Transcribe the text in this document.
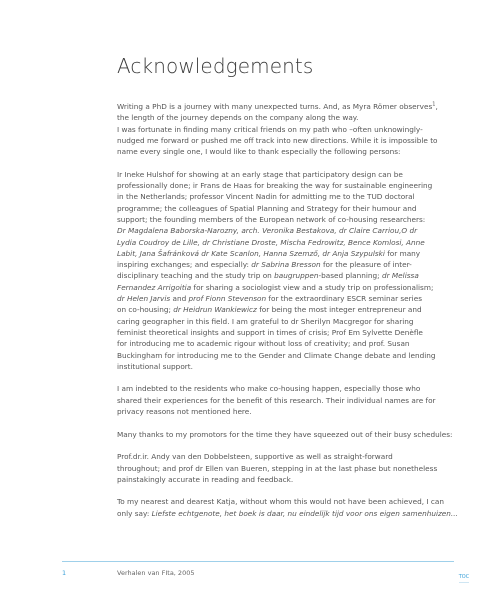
Acknowledgements
Writing a PhD is a journey with many unexpected turns. And, as Myra Römer observes$^1$,
the length of the journey depends on the company along the way.
I was fortunate in finding many critical friends on my path who –often unknowingly-
nudged me forward or pushed me off track into new directions. While it is impossible to
name every single one, I would like to thank especially the following persons:
Ir Ineke Hulshof for showing at an early stage that participatory design can be
professionally done; ir Frans de Haas for breaking the way for sustainable engineering
in the Netherlands; professor Vincent Nadin for admitting me to the TUD doctoral
programme; the colleagues of Spatial Planning and Strategy for their humour and
support; the founding members of the European network of co-housing researchers:
Dr Magdalena Baborska-Narozny, arch. Veronika Bestakova, dr Claire Carriou,O dr
Lydia Coudroy de Lille, dr Christiane Droste, Mischa Fedrowitz, Bence Komlosi, Anne
Labit, Jana Šafránková dr Kate Scanlon, Hanna Szemző, dr Anja Szypulski for many
inspiring exchanges; and especially: dr Sabrina Bresson for the pleasure of inter-
disciplinary teaching and the study trip on baugruppen-based planning; dr Melissa
Fernandez Arrigoitia for sharing a sociologist view and a study trip on professionalism;
dr Helen Jarvis and prof Fionn Stevenson for the extraordinary ESCR seminar series
on co-housing; dr Heidrun Wankiewicz for being the most integer entrepreneur and
caring geographer in this field. I am grateful to dr Sherilyn Macgregor for sharing
feminist theoretical insights and support in times of crisis; Prof Em Sylvette Denèfle
for introducing me to academic rigour without loss of creativity; and prof. Susan
Buckingham for introducing me to the Gender and Climate Change debate and lending
institutional support.
I am indebted to the residents who make co-housing happen, especially those who
shared their experiences for the benefit of this research. Their individual names are for
privacy reasons not mentioned here.
Many thanks to my promotors for the time they have squeezed out of their busy schedules:
Prof.dr.ir. Andy van den Dobbelsteen, supportive as well as straight-forward
throughout; and prof dr Ellen van Bueren, stepping in at the last phase but nonetheless
painstakingly accurate in reading and feedback.
To my nearest and dearest Katja, without whom this would not have been achieved, I can
only say: Liefste echtgenote, het boek is daar, nu eindelijk tijd voor ons eigen samenhuizen...
1	Verhalen van FIta, 2005	TOC
